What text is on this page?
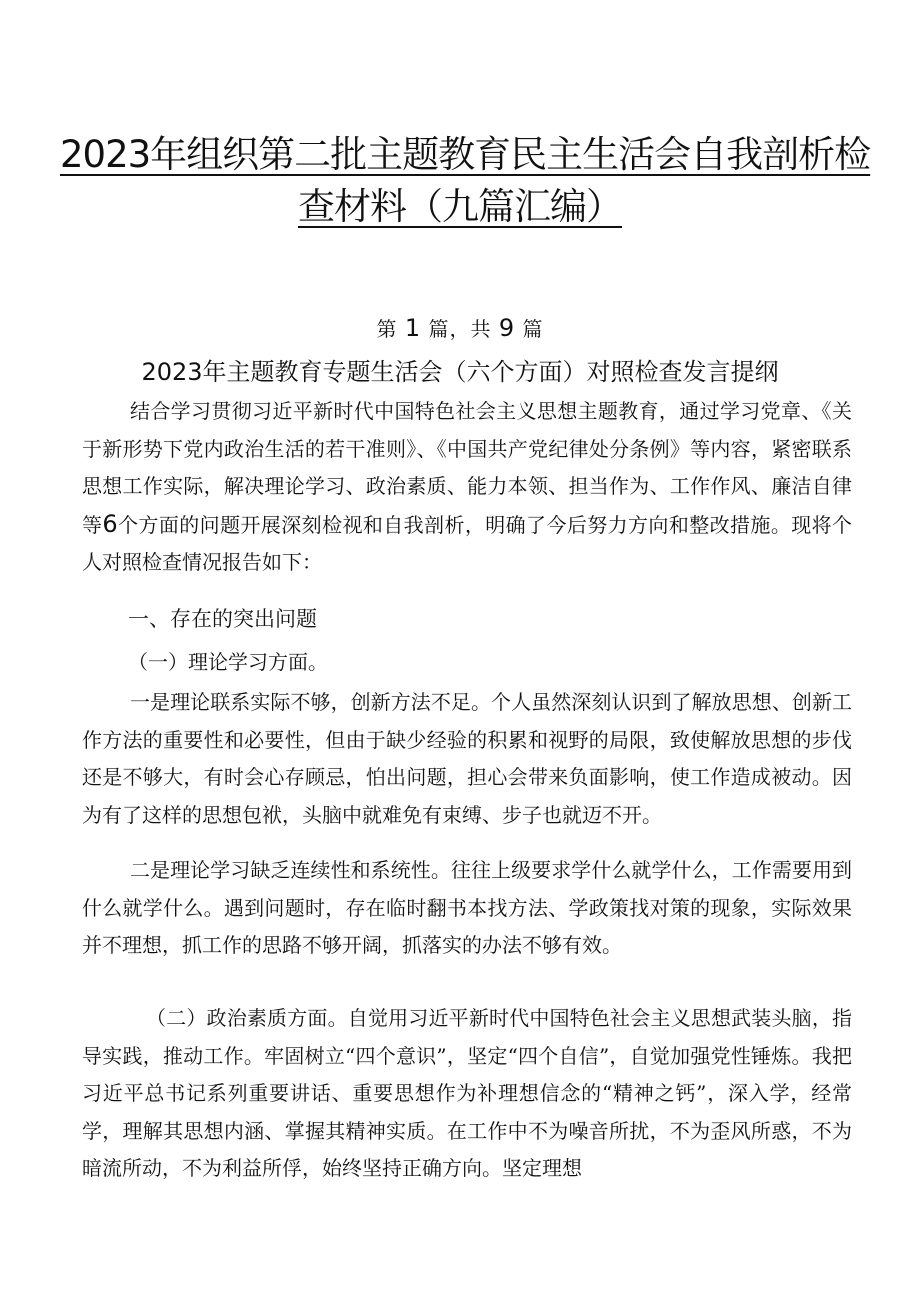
2023年组织第二批主题教育民主生活会自我剖析检
查材料（九篇汇编）
第 1 篇，共 9 篇
2023年主题教育专题生活会（六个方面）对照检查发言提纲
结合学习贯彻习近平新时代中国特色社会主义思想主题教育，通过学习党章、《关于新形势下党内政治生活的若干准则》、《中国共产党纪律处分条例》等内容，紧密联系思想工作实际，解决理论学习、政治素质、能力本领、担当作为、工作作风、廉洁自律等6个方面的问题开展深刻检视和自我剖析，明确了今后努力方向和整改措施。现将个人对照检查情况报告如下：
一、存在的突出问题
（一）理论学习方面。
一是理论联系实际不够，创新方法不足。个人虽然深刻认识到了解放思想、创新工作方法的重要性和必要性，但由于缺少经验的积累和视野的局限，致使解放思想的步伐还是不够大，有时会心存顾忌，怕出问题，担心会带来负面影响，使工作造成被动。因为有了这样的思想包袱，头脑中就难免有束缚、步子也就迈不开。
二是理论学习缺乏连续性和系统性。往往上级要求学什么就学什么，工作需要用到什么就学什么。遇到问题时，存在临时翻书本找方法、学政策找对策的现象，实际效果并不理想，抓工作的思路不够开阔，抓落实的办法不够有效。
（二）政治素质方面。自觉用习近平新时代中国特色社会主义思想武装头脑，指导实践，推动工作。牢固树立“四个意识”，坚定“四个自信”，自觉加强党性锤炼。我把习近平总书记系列重要讲话、重要思想作为补理想信念的“精神之钙”，深入学，经常学，理解其思想内涵、掌握其精神实质。在工作中不为噪音所扰，不为歪风所惑，不为暗流所动，不为利益所俘，始终坚持正确方向。坚定理想
